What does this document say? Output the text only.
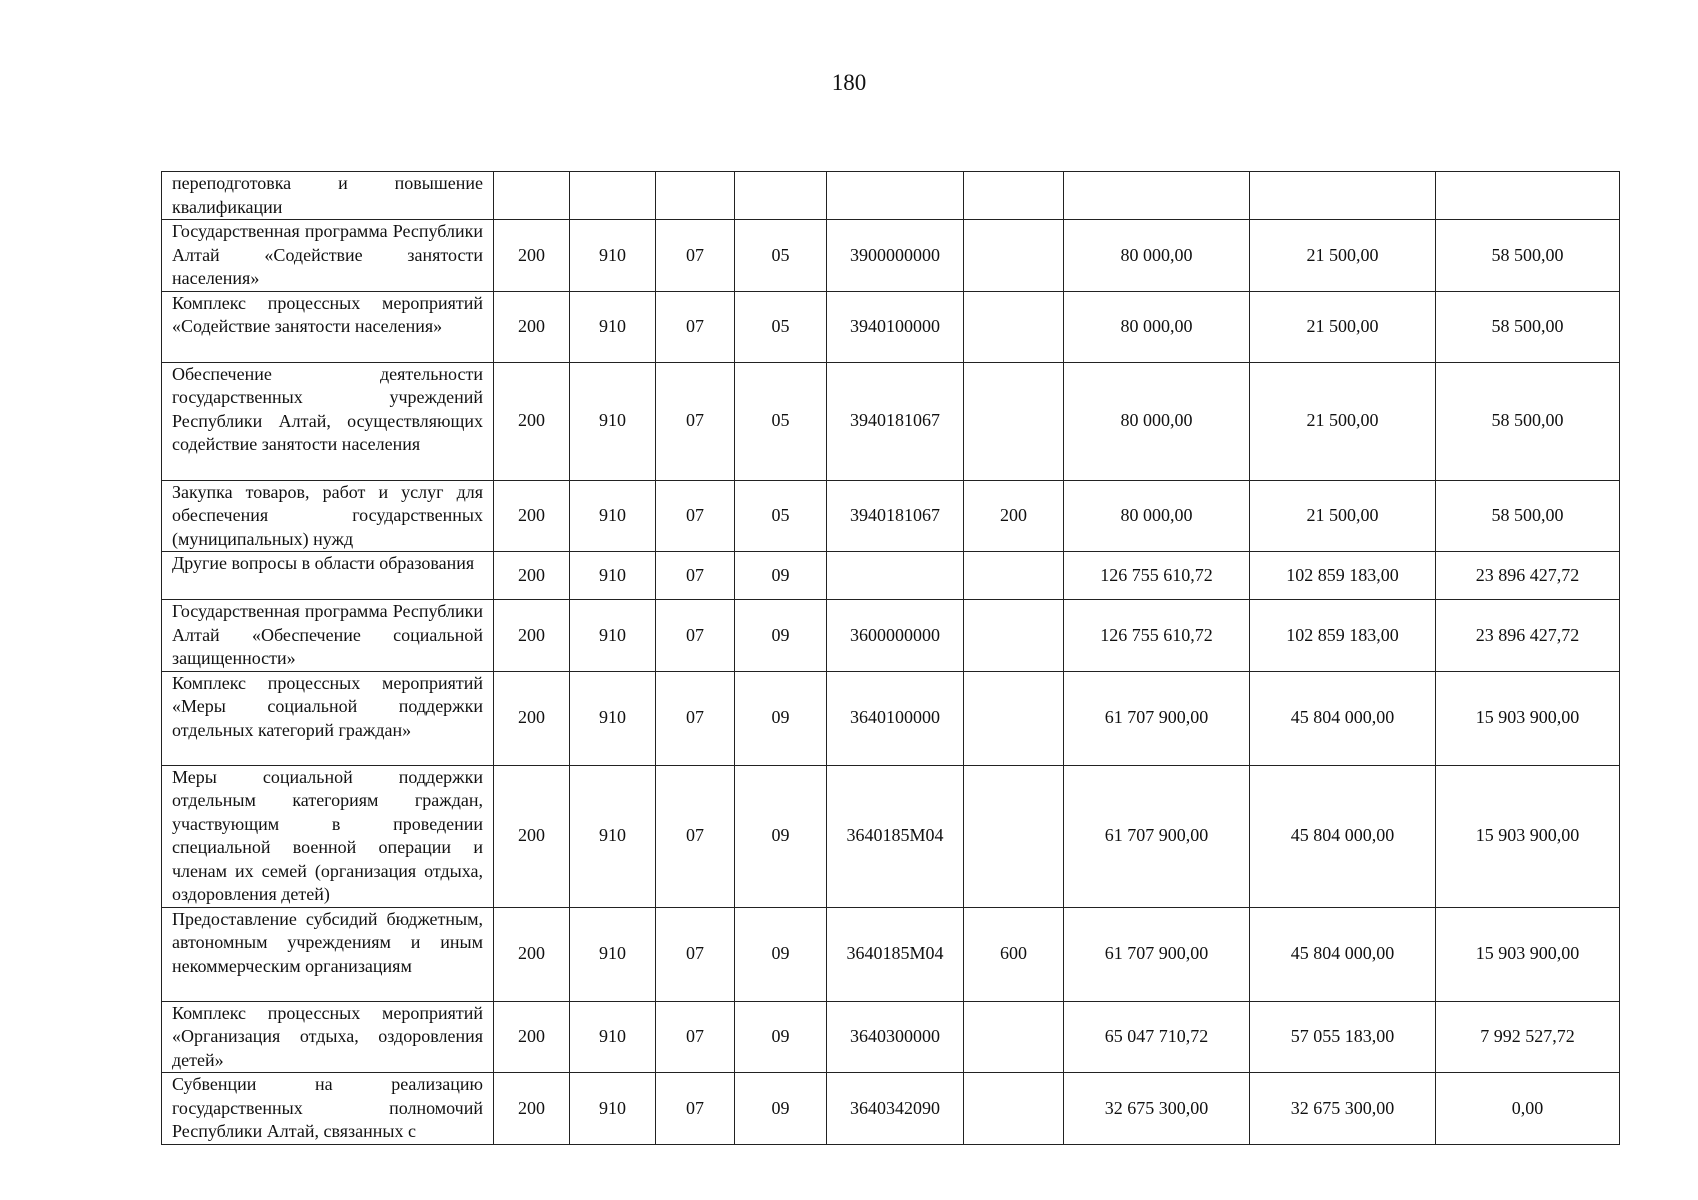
180
переподготовка и повышение квалификации									
Государственная программа Республики Алтай «Содействие занятости населения»	200	910	07	05	3900000000		80 000,00	21 500,00	58 500,00
Комплекс процессных мероприятий «Содействие занятости населения»	200	910	07	05	3940100000		80 000,00	21 500,00	58 500,00
Обеспечение деятельности государственных учреждений Республики Алтай, осуществляющих содействие занятости населения	200	910	07	05	3940181067		80 000,00	21 500,00	58 500,00
Закупка товаров, работ и услуг для обеспечения государственных (муниципальных) нужд	200	910	07	05	3940181067	200	80 000,00	21 500,00	58 500,00
Другие вопросы в области образования	200	910	07	09			126 755 610,72	102 859 183,00	23 896 427,72
Государственная программа Республики Алтай «Обеспечение социальной защищенности»	200	910	07	09	3600000000		126 755 610,72	102 859 183,00	23 896 427,72
Комплекс процессных мероприятий «Меры социальной поддержки отдельных категорий граждан»	200	910	07	09	3640100000		61 707 900,00	45 804 000,00	15 903 900,00
Меры социальной поддержки отдельным категориям граждан, участвующим в проведении специальной военной операции и членам их семей (организация отдыха, оздоровления детей)	200	910	07	09	3640185М04		61 707 900,00	45 804 000,00	15 903 900,00
Предоставление субсидий бюджетным, автономным учреждениям и иным некоммерческим организациям	200	910	07	09	3640185М04	600	61 707 900,00	45 804 000,00	15 903 900,00
Комплекс процессных мероприятий «Организация отдыха, оздоровления детей»	200	910	07	09	3640300000		65 047 710,72	57 055 183,00	7 992 527,72
Субвенции на реализацию государственных полномочий Республики Алтай, связанных с	200	910	07	09	3640342090		32 675 300,00	32 675 300,00	0,00
